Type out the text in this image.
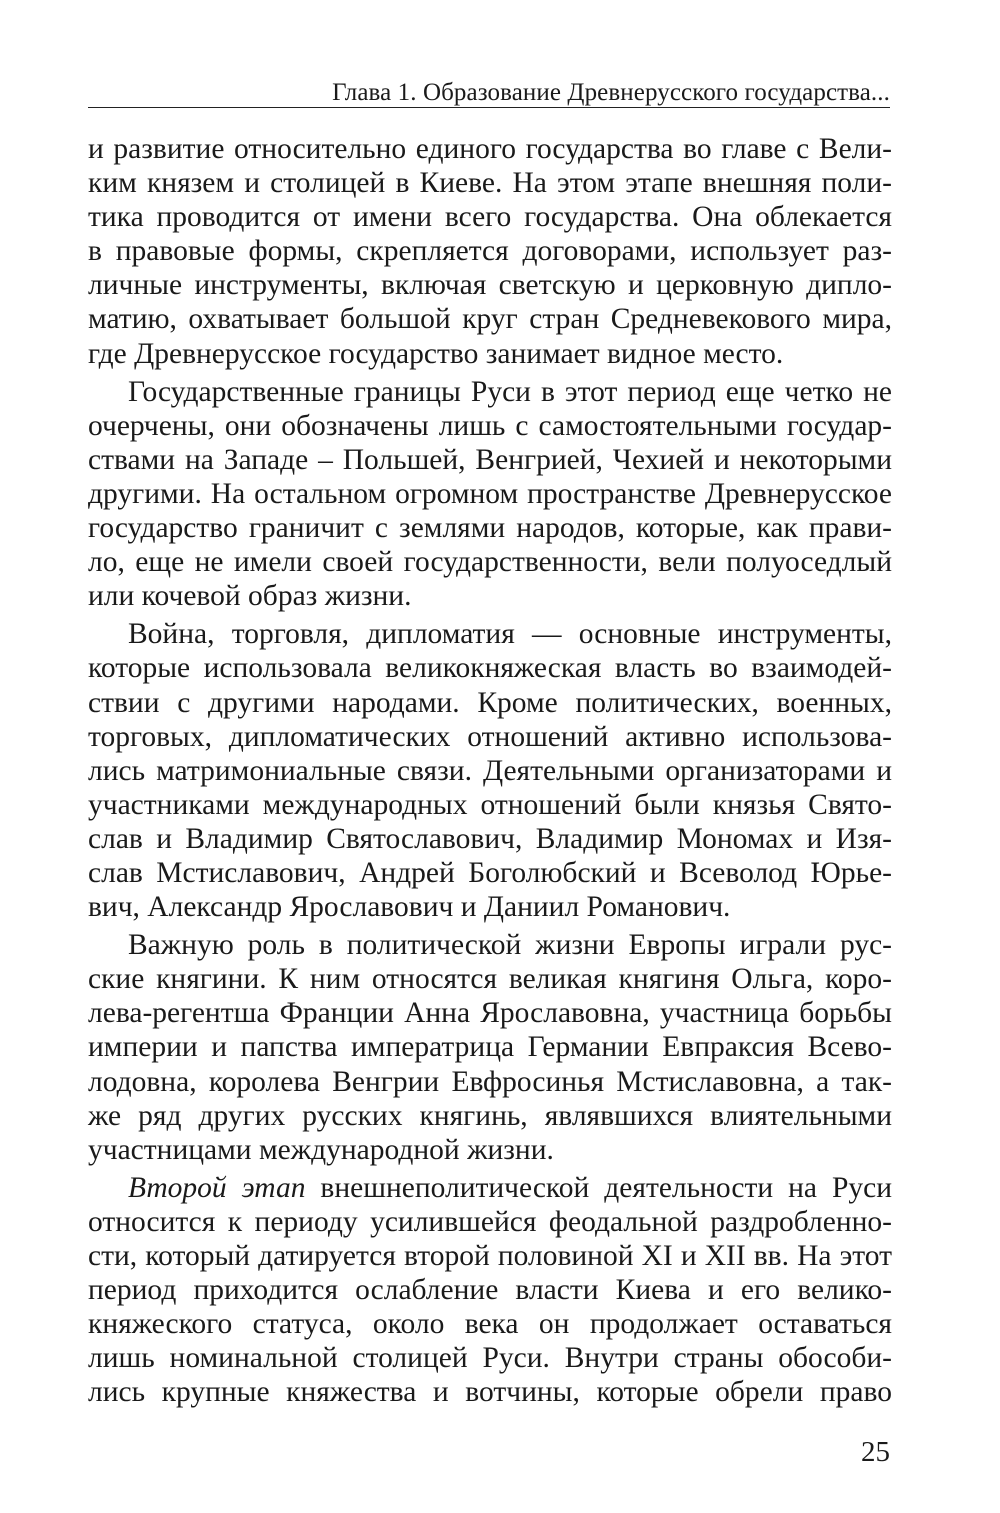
Глава 1. Образование Древнерусского государства...
и развитие относительно единого государства во главе с Вели-
ким князем и столицей в Киеве. На этом этапе внешняя поли-
тика проводится от имени всего государства. Она облекается
в правовые формы, скрепляется договорами, использует раз-
личные инструменты, включая светскую и церковную дипло-
матию, охватывает большой круг стран Средневекового мира,
где Древнерусское государство занимает видное место.
Государственные границы Руси в этот период еще четко не
очерчены, они обозначены лишь с самостоятельными государ-
ствами на Западе – Польшей, Венгрией, Чехией и некоторыми
другими. На остальном огромном пространстве Древнерусское
государство граничит с землями народов, которые, как прави-
ло, еще не имели своей государственности, вели полуоседлый
или кочевой образ жизни.
Война, торговля, дипломатия — основные инструменты,
которые использовала великокняжеская власть во взаимодей-
ствии с другими народами. Кроме политических, военных,
торговых, дипломатических отношений активно использова-
лись матримониальные связи. Деятельными организаторами и
участниками международных отношений были князья Свято-
слав и Владимир Святославович, Владимир Мономах и Изя-
слав Мстиславович, Андрей Боголюбский и Всеволод Юрье-
вич, Александр Ярославович и Даниил Романович.
Важную роль в политической жизни Европы играли рус-
ские княгини. К ним относятся великая княгиня Ольга, коро-
лева-регентша Франции Анна Ярославовна, участница борьбы
империи и папства императрица Германии Евпраксия Всево-
лодовна, королева Венгрии Евфросинья Мстиславовна, а так-
же ряд других русских княгинь, являвшихся влиятельными
участницами международной жизни.
Второй этап внешнеполитической деятельности на Руси
относится к периоду усилившейся феодальной раздробленно-
сти, который датируется второй половиной XI и XII вв. На этот
период приходится ослабление власти Киева и его велико-
княжеского статуса, около века он продолжает оставаться
лишь номинальной столицей Руси. Внутри страны обособи-
лись крупные княжества и вотчины, которые обрели право
25
